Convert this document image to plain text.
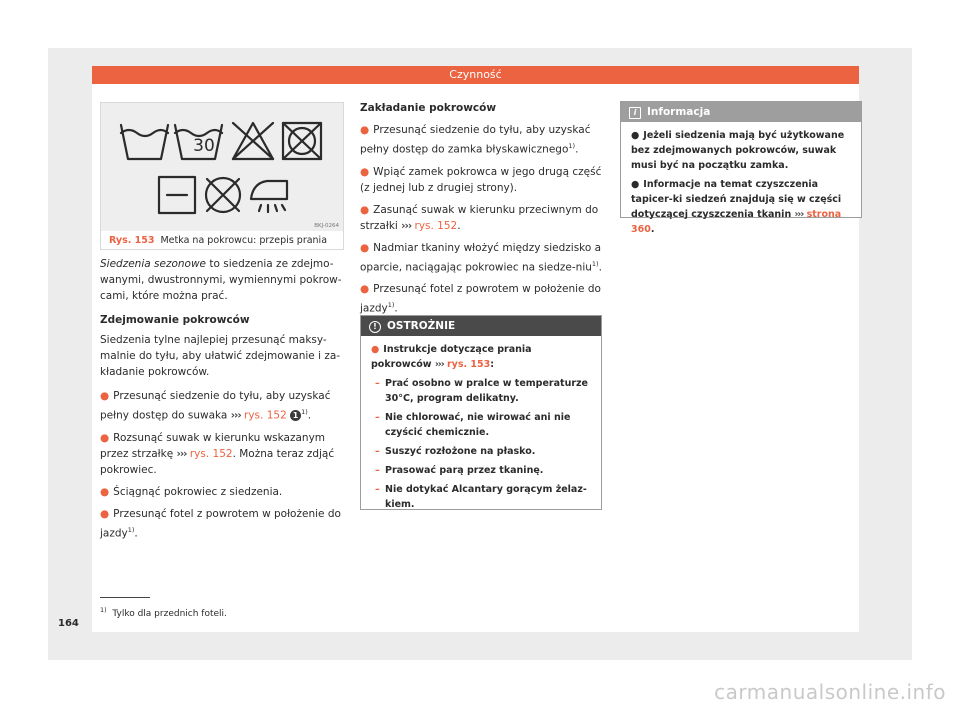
Czynność
30
BKJ-0264
Rys. 153 Metka na pokrowcu: przepis prania

Siedzenia sezonowe to siedzenia ze zdejmo-wanymi, dwustronnymi, wymiennymi pokrow-cami, które można prać.

Zdejmowanie pokrowców

Siedzenia tylne najlepiej przesunąć maksy-malnie do tyłu, aby ułatwić zdejmowanie i za-kładanie pokrowców.

● Przesunąć siedzenie do tyłu, aby uzyskać pełny dostęp do suwaka ››› rys. 152 1 $^{1)}$.

● Rozsunąć suwak w kierunku wskazanym przez strzałkę ››› rys. 152. Można teraz zdjąć pokrowiec.

● Ściągnąć pokrowiec z siedzenia.

● Przesunąć fotel z powrotem w położenie do jazdy$^{1)}$.

Zakładanie pokrowców

● Przesunąć siedzenie do tyłu, aby uzyskać pełny dostęp do zamka błyskawicznego$^{1)}$.

● Wpiąć zamek pokrowca w jego drugą część (z jednej lub z drugiej strony).

● Zasunąć suwak w kierunku przeciwnym do strzałki ››› rys. 152.

● Nadmiar tkaniny włożyć między siedzisko a oparcie, naciągając pokrowiec na siedze-niu$^{1)}$.

● Przesunąć fotel z powrotem w położenie do jazdy$^{1)}$.

! OSTROŻNIE

● Instrukcje dotyczące prania pokrowców ››› rys. 153:

– Prać osobno w pralce w temperaturze 30°C, program delikatny.

– Nie chlorować, nie wirować ani nie czyścić chemicznie.

– Suszyć rozłożone na płasko.

– Prasować parą przez tkaninę.

– Nie dotykać Alcantary gorącym żelaz-kiem.

i Informacja

● Jeżeli siedzenia mają być użytkowane bez zdejmowanych pokrowców, suwak musi być na początku zamka.

● Informacje na temat czyszczenia tapicer-ki siedzeń znajdują się w części dotyczącej czyszczenia tkanin ››› strona 360.

$^{1)}$ Tylko dla przednich foteli.
164
carmanualsonline.info
